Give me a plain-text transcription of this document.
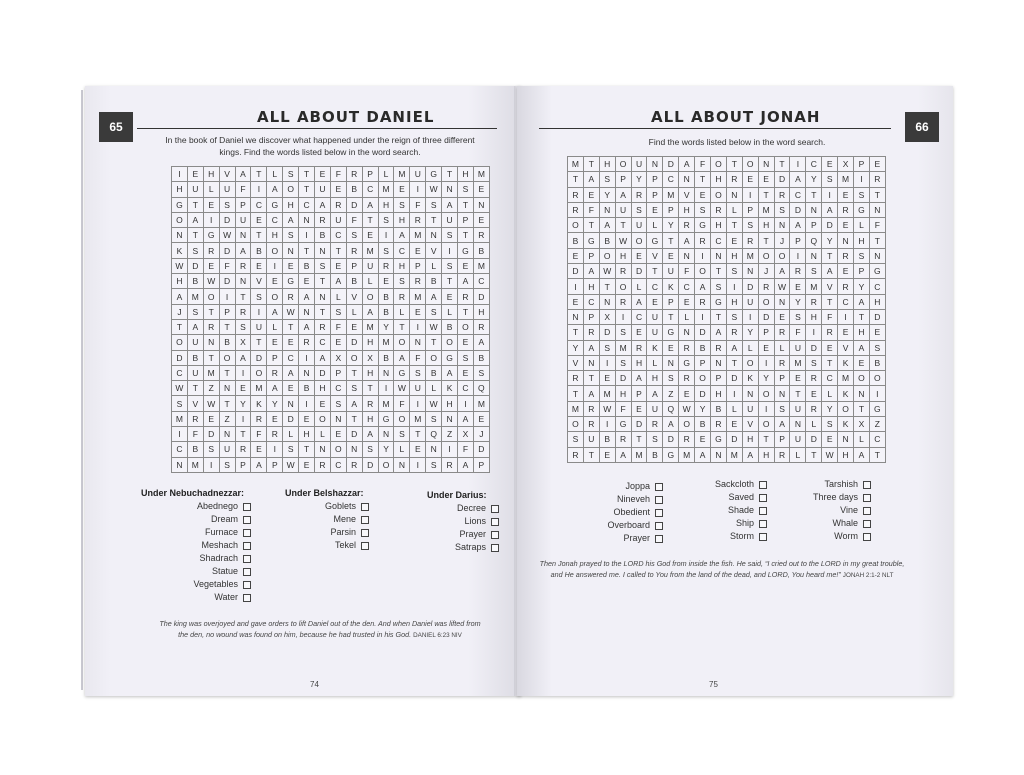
65
ALL ABOUT DANIEL
In the book of Daniel we discover what happened under the reign of three different kings. Find the words listed below in the word search.
I	E	H	V	A	T	L	S	T	E	F	R	P	L	M	U	G	T	H	M
H	U	L	U	F	I	A	O	T	U	E	B	C	M	E	I	W	N	S	E
G	T	E	S	P	C	G	H	C	A	R	D	A	H	S	F	S	A	T	N
O	A	I	D	U	E	C	A	N	R	U	F	T	S	H	R	T	U	P	E
N	T	G	W	N	T	H	S	I	B	C	S	E	I	A	M	N	S	T	R
K	S	R	D	A	B	O	N	T	N	T	R	M	S	C	E	V	I	G	B
W	D	E	F	R	E	I	E	B	S	E	P	U	R	H	P	L	S	E	M
H	B	W	D	N	V	E	G	E	T	A	B	L	E	S	R	B	T	A	C
A	M	O	I	T	S	O	R	A	N	L	V	O	B	R	M	A	E	R	D
J	S	T	P	R	I	A	W	N	T	S	L	A	B	L	E	S	L	T	H
T	A	R	T	S	U	L	T	A	R	F	E	M	Y	T	I	W	B	O	R
O	U	N	B	X	T	E	E	R	C	E	D	H	M	O	N	T	O	E	A
D	B	T	O	A	D	P	C	I	A	X	O	X	B	A	F	O	G	S	B
C	U	M	T	I	O	R	A	N	D	P	T	H	N	G	S	B	A	E	S
W	T	Z	N	E	M	A	E	B	H	C	S	T	I	W	U	L	K	C	Q
S	V	W	T	Y	K	Y	N	I	E	S	A	R	M	F	I	W	H	I	M
M	R	E	Z	I	R	E	D	E	O	N	T	H	G	O	M	S	N	A	E
I	F	D	N	T	F	R	L	H	L	E	D	A	N	S	T	Q	Z	X	J
C	B	S	U	R	E	I	S	T	N	O	N	S	Y	L	E	N	I	F	D
N	M	I	S	P	A	P	W	E	R	C	R	D	O	N	I	S	R	A	P
Under Nebuchadnezzar:
Abednego
Dream
Furnace
Meshach
Shadrach
Statue
Vegetables
Water
Under Belshazzar:
Goblets
Mene
Parsin
Tekel
Under Darius:
Decree
Lions
Prayer
Satraps
The king was overjoyed and gave orders to lift Daniel out of the den. And when Daniel was lifted from the den, no wound was found on him, because he had trusted in his God. DANIEL 6:23 NIV
74
66
ALL ABOUT JONAH
Find the words listed below in the word search.
M	T	H	O	U	N	D	A	F	O	T	O	N	T	I	C	E	X	P	E
T	A	S	P	Y	P	C	N	T	H	R	E	E	D	A	Y	S	M	I	R
R	E	Y	A	R	P	M	V	E	O	N	I	T	R	C	T	I	E	S	T
R	F	N	U	S	E	P	H	S	R	L	P	M	S	D	N	A	R	G	N
O	T	A	T	U	L	Y	R	G	H	T	S	H	N	A	P	D	E	L	F
B	G	B	W	O	G	T	A	R	C	E	R	T	J	P	Q	Y	N	H	T
E	P	O	H	E	V	E	N	I	N	H	M	O	O	I	N	T	R	S	N
D	A	W	R	D	T	U	F	O	T	S	N	J	A	R	S	A	E	P	G
I	H	T	O	L	C	K	C	A	S	I	D	R	W	E	M	V	R	Y	C
E	C	N	R	A	E	P	E	R	G	H	U	O	N	Y	R	T	C	A	H
N	P	X	I	C	U	T	L	I	T	S	I	D	E	S	H	F	I	T	D
T	R	D	S	E	U	G	N	D	A	R	Y	P	R	F	I	R	E	H	E
Y	A	S	M	R	K	E	R	B	R	A	L	E	L	U	D	E	V	A	S
V	N	I	S	H	L	N	G	P	N	T	O	I	R	M	S	T	K	E	B
R	T	E	D	A	H	S	R	O	P	D	K	Y	P	E	R	C	M	O	O
T	A	M	H	P	A	Z	E	D	H	I	N	O	N	T	E	L	K	N	I
M	R	W	F	E	U	Q	W	Y	B	L	U	I	S	U	R	Y	O	T	G
O	R	I	G	D	R	A	O	B	R	E	V	O	A	N	L	S	K	X	Z
S	U	B	R	T	S	D	R	E	G	D	H	T	P	U	D	E	N	L	C
R	T	E	A	M	B	G	M	A	N	M	A	H	R	L	T	W	H	A	T
Joppa
Nineveh
Obedient
Overboard
Prayer
Sackcloth
Saved
Shade
Ship
Storm
Tarshish
Three days
Vine
Whale
Worm
Then Jonah prayed to the LORD his God from inside the fish. He said, “I cried out to the LORD in my great trouble, and He answered me. I called to You from the land of the dead, and LORD, You heard me!” JONAH 2:1-2 NLT
75
